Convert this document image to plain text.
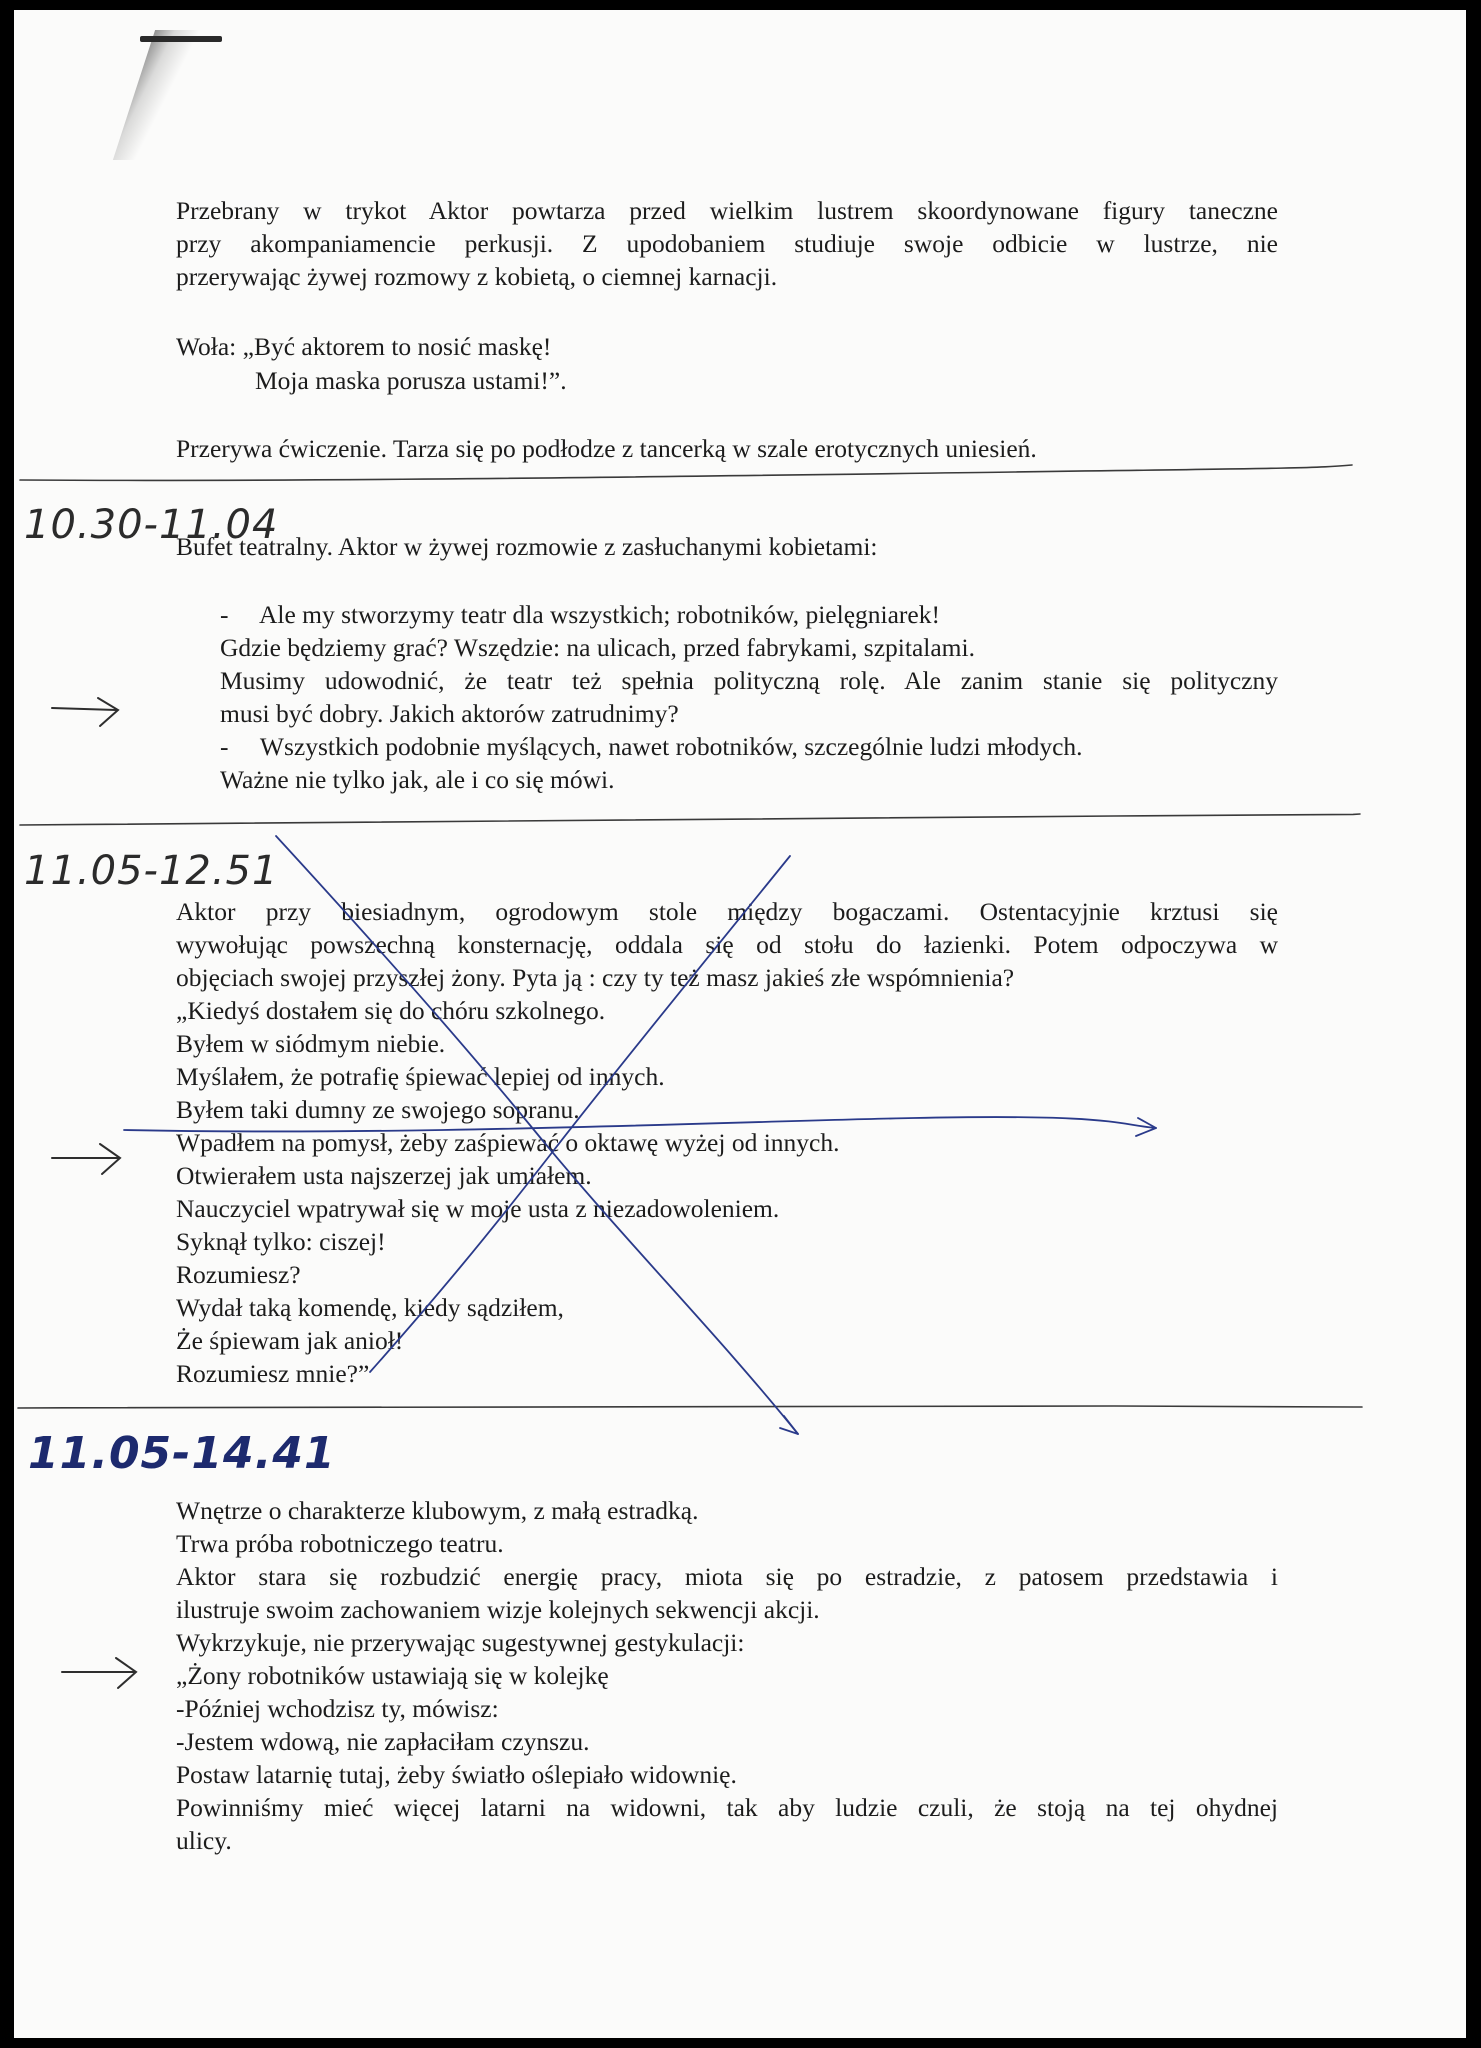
Przebrany w trykot Aktor powtarza przed wielkim lustrem skoordynowane figury taneczne

przy akompaniamencie perkusji. Z upodobaniem studiuje swoje odbicie w lustrze, nie

przerywając żywej rozmowy z kobietą, o ciemnej karnacji.

Woła: „Być aktorem to nosić maskę!

Moja maska porusza ustami!”.

Przerywa ćwiczenie. Tarza się po podłodze z tancerką w szale erotycznych uniesień.

10.30-11.04

Bufet teatralny. Aktor w żywej rozmowie z zasłuchanymi kobietami:

-     Ale my stworzymy teatr dla wszystkich; robotników, pielęgniarek!

Gdzie będziemy grać? Wszędzie: na ulicach, przed fabrykami, szpitalami.

Musimy udowodnić, że teatr też spełnia polityczną rolę. Ale zanim stanie się polityczny

musi być dobry. Jakich aktorów zatrudnimy?

-     Wszystkich podobnie myślących, nawet robotników, szczególnie ludzi młodych.

Ważne nie tylko jak, ale i co się mówi.

11.05-12.51

Aktor przy biesiadnym, ogrodowym stole między bogaczami. Ostentacyjnie krztusi się

wywołując powszechną konsternację, oddala się od stołu do łazienki. Potem odpoczywa w

objęciach swojej przyszłej żony. Pyta ją : czy ty też masz jakieś złe wspómnienia?

„Kiedyś dostałem się do chóru szkolnego.

Byłem w siódmym niebie.

Myślałem, że potrafię śpiewać lepiej od innych.

Byłem taki dumny ze swojego sopranu.

Wpadłem na pomysł, żeby zaśpiewać o oktawę wyżej od innych.

Otwierałem usta najszerzej jak umiałem.

Nauczyciel wpatrywał się w moje usta z niezadowoleniem.

Syknął tylko: ciszej!

Rozumiesz?

Wydał taką komendę, kiedy sądziłem,

Że śpiewam jak anioł!

Rozumiesz mnie?”

11.05-14.41

Wnętrze o charakterze klubowym, z małą estradką.

Trwa próba robotniczego teatru.

Aktor stara się rozbudzić energię pracy, miota się po estradzie, z patosem przedstawia i

ilustruje swoim zachowaniem wizje kolejnych sekwencji akcji.

Wykrzykuje, nie przerywając sugestywnej gestykulacji:

„Żony robotników ustawiają się w kolejkę

-Później wchodzisz ty, mówisz:

-Jestem wdową, nie zapłaciłam czynszu.

Postaw latarnię tutaj, żeby światło oślepiało widownię.

Powinniśmy mieć więcej latarni na widowni, tak aby ludzie czuli, że stoją na tej ohydnej

ulicy.
